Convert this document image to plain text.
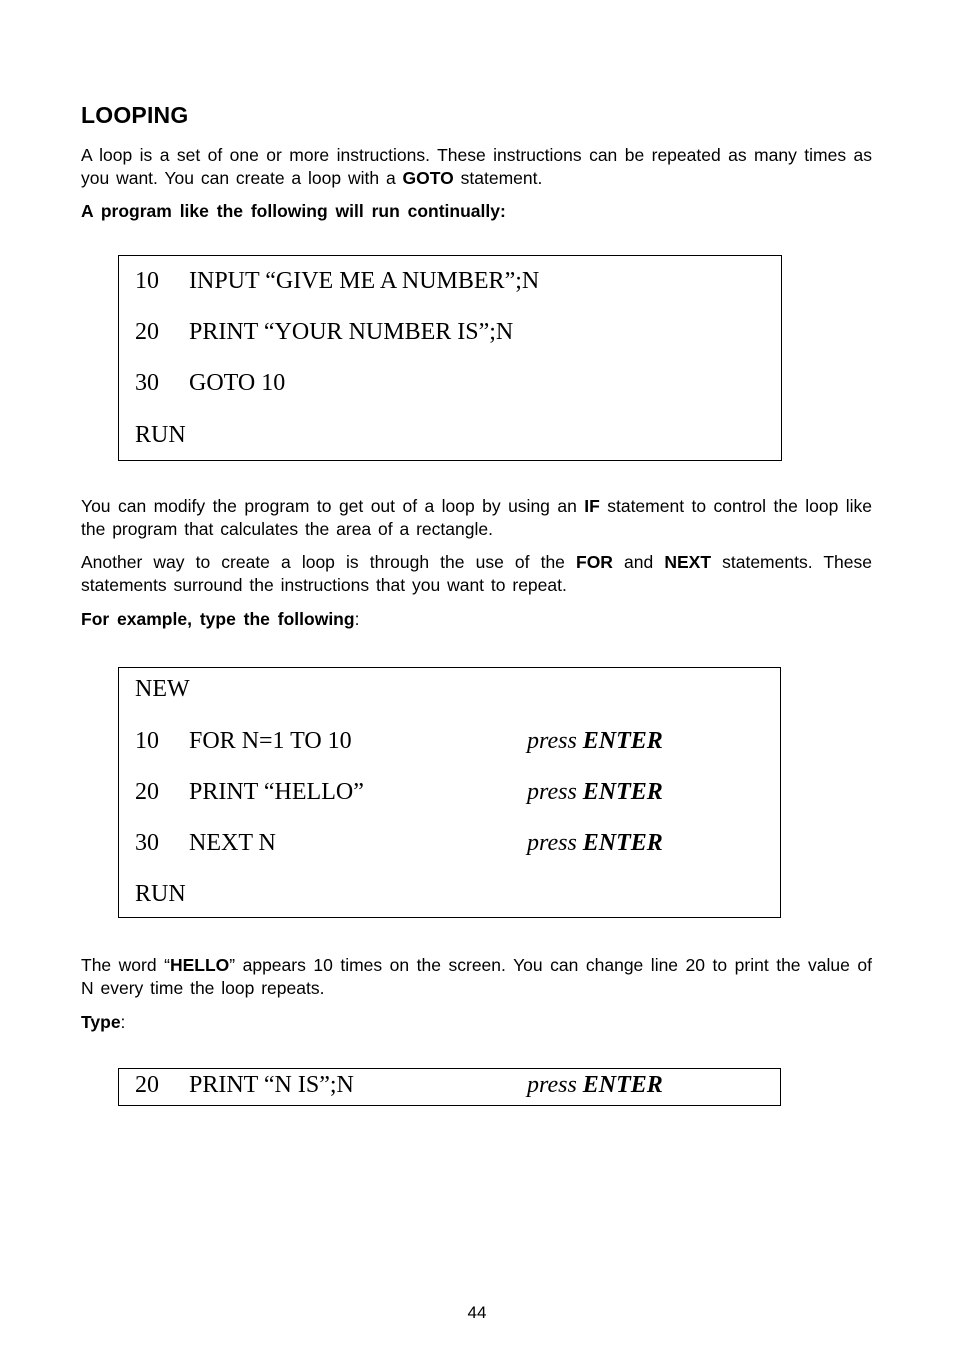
LOOPING
A loop is a set of one or more instructions. These instructions can be repeated as many times as you want. You can create a loop with a GOTO statement.
A program like the following will run continually:
10 INPUT “GIVE ME A NUMBER”;N
20 PRINT “YOUR NUMBER IS”;N
30 GOTO 10
RUN
You can modify the program to get out of a loop by using an IF statement to control the loop like the program that calculates the area of a rectangle.
Another way to create a loop is through the use of the FOR and NEXT statements. These statements surround the instructions that you want to repeat.
For example, type the following:
NEW
10 FOR N=1 TO 10	press ENTER
20 PRINT “HELLO”	press ENTER
30 NEXT N	press ENTER
RUN
The word “HELLO” appears 10 times on the screen. You can change line 20 to print the value of N every time the loop repeats.
Type:
20 PRINT “N IS”;N	press ENTER
44
